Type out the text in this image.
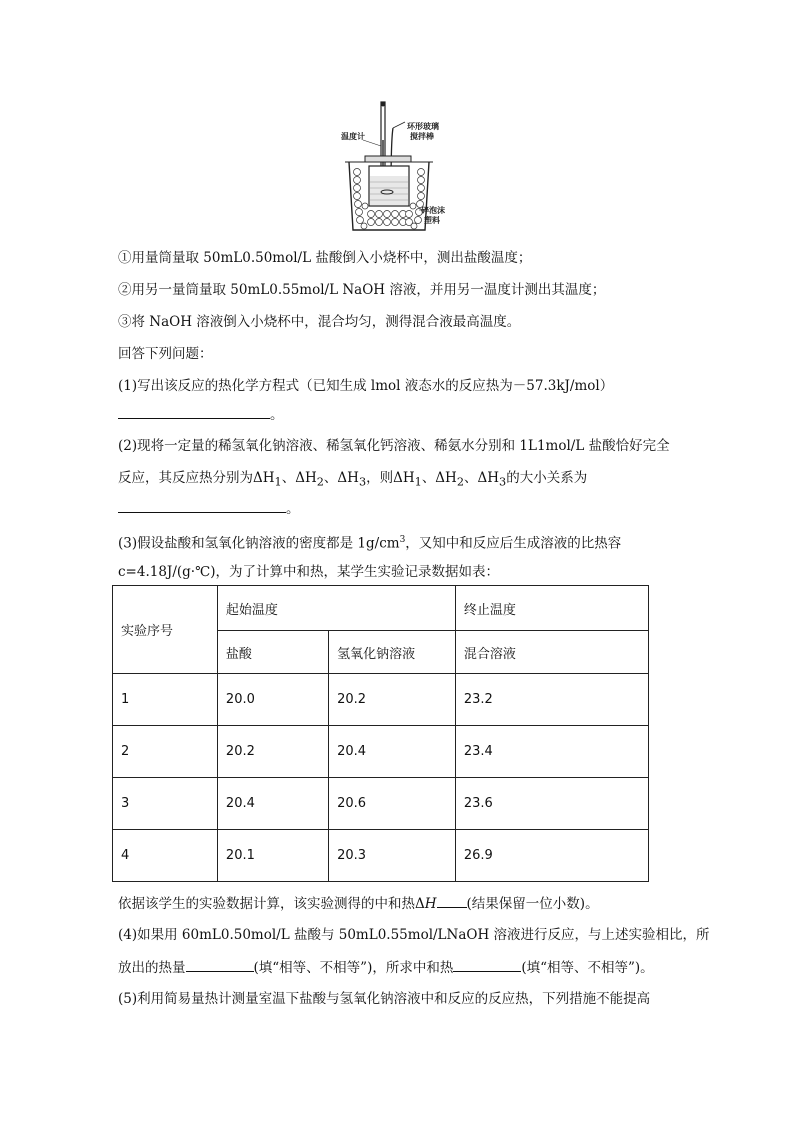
温度计
环形玻璃
搅拌棒
碎泡沫
塑料
①用量筒量取 50mL0.50mol/L 盐酸倒入小烧杯中，测出盐酸温度；
②用另一量筒量取 50mL0.55mol/L NaOH 溶液，并用另一温度计测出其温度；
③将 NaOH 溶液倒入小烧杯中，混合均匀，测得混合液最高温度。
回答下列问题：
(1)写出该反应的热化学方程式（已知生成 lmol 液态水的反应热为－57.3kJ/mol）
。
(2)现将一定量的稀氢氧化钠溶液、稀氢氧化钙溶液、稀氨水分别和 1L1mol/L 盐酸恰好完全
反应，其反应热分别为$\Delta H_1$、$\Delta H_2$、$\Delta H_3$，则$\Delta H_1$、$\Delta H_2$、$\Delta H_3$的大小关系为
。
(3)假设盐酸和氢氧化钠溶液的密度都是 $1g/cm^3$，又知中和反应后生成溶液的比热容
c=4.18J/(g·℃)，为了计算中和热，某学生实验记录数据如表：
实验序号	起始温度		终止温度
	盐酸	氢氧化钠溶液	混合溶液
1	20.0	20.2	23.2
2	20.2	20.4	23.4
3	20.4	20.6	23.6
4	20.1	20.3	26.9
依据该学生的实验数据计算，该实验测得的中和热ΔH (结果保留一位小数)。
(4)如果用 60mL0.50mol/L 盐酸与 50mL0.55mol/LNaOH 溶液进行反应，与上述实验相比，所
放出的热量	(填“相等、不相等”)，所求中和热	(填“相等、不相等”)。
(5)利用简易量热计测量室温下盐酸与氢氧化钠溶液中和反应的反应热，下列措施不能提高
